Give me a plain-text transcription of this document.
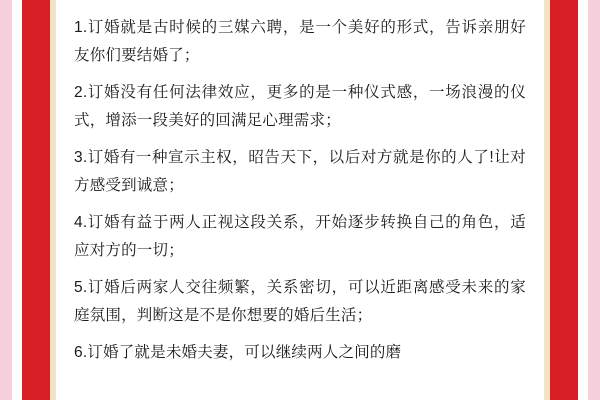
1.订婚就是古时候的三媒六聘，是一个美好的形式，告诉亲朋好友你们要结婚了；

2.订婚没有任何法律效应，更多的是一种仪式感，一场浪漫的仪式，增添一段美好的回满足心理需求；

3.订婚有一种宣示主权，昭告天下，以后对方就是你的人了!让对方感受到诚意；

4.订婚有益于两人正视这段关系，开始逐步转换自己的角色，适应对方的一切；

5.订婚后两家人交往频繁，关系密切，可以近距离感受未来的家庭氛围，判断这是不是你想要的婚后生活；

6.订婚了就是未婚夫妻，可以继续两人之间的磨
